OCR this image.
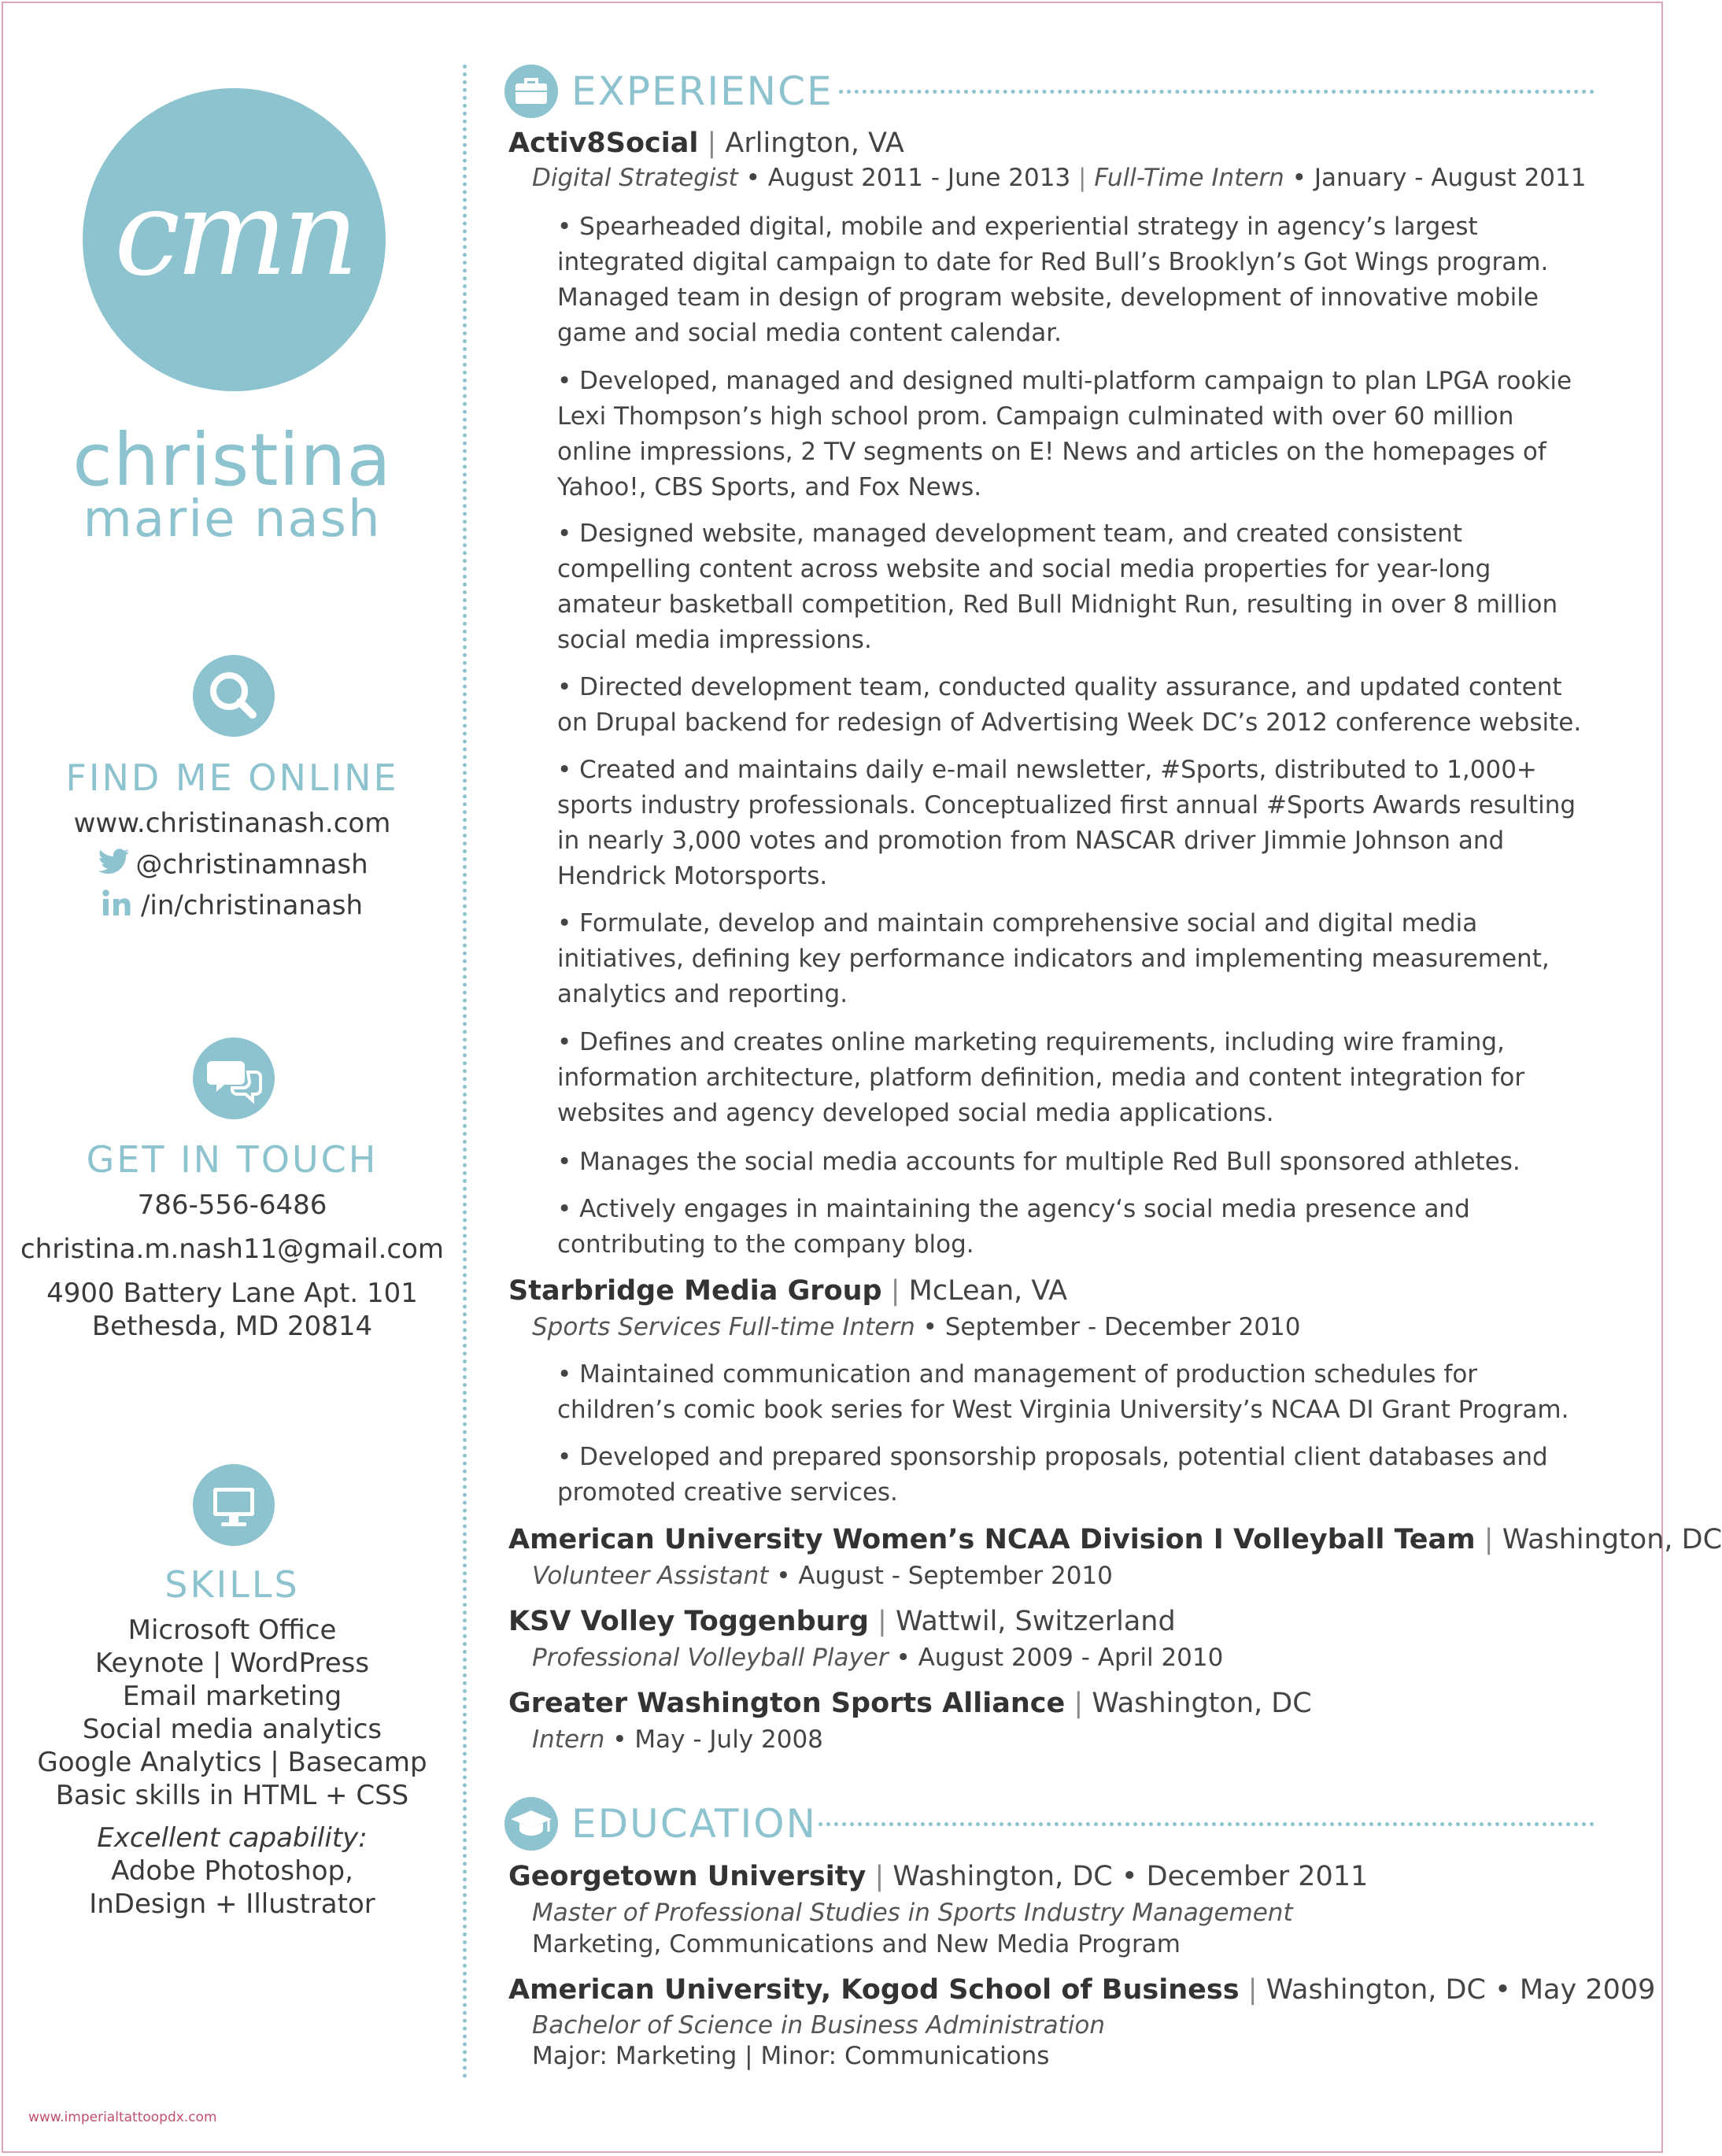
cmn
christina
marie nash
FIND ME ONLINE
www.christinanash.com
@christinamnash
/in/christinanash
GET IN TOUCH
786-556-6486
christina.m.nash11@gmail.com
4900 Battery Lane Apt. 101
Bethesda, MD 20814
SKILLS
Microsoft Office
Keynote | WordPress
Email marketing
Social media analytics
Google Analytics | Basecamp
Basic skills in HTML + CSS
Excellent capability:
Adobe Photoshop,
InDesign + Illustrator
EXPERIENCE
Activ8Social | Arlington, VA
Digital Strategist • August 2011 - June 2013 | Full-Time Intern • January - August 2011
• Spearheaded digital, mobile and experiential strategy in agency’s largest
integrated digital campaign to date for Red Bull’s Brooklyn’s Got Wings program.
Managed team in design of program website, development of innovative mobile
game and social media content calendar.
• Developed, managed and designed multi-platform campaign to plan LPGA rookie
Lexi Thompson’s high school prom. Campaign culminated with over 60 million
online impressions, 2 TV segments on E! News and articles on the homepages of
Yahoo!, CBS Sports, and Fox News.
• Designed website, managed development team, and created consistent
compelling content across website and social media properties for year-long
amateur basketball competition, Red Bull Midnight Run, resulting in over 8 million
social media impressions.
• Directed development team, conducted quality assurance, and updated content
on Drupal backend for redesign of Advertising Week DC’s 2012 conference website.
• Created and maintains daily e-mail newsletter, #Sports, distributed to 1,000+
sports industry professionals. Conceptualized first annual #Sports Awards resulting
in nearly 3,000 votes and promotion from NASCAR driver Jimmie Johnson and
Hendrick Motorsports.
• Formulate, develop and maintain comprehensive social and digital media
initiatives, defining key performance indicators and implementing measurement,
analytics and reporting.
• Defines and creates online marketing requirements, including wire framing,
information architecture, platform definition, media and content integration for
websites and agency developed social media applications.
• Manages the social media accounts for multiple Red Bull sponsored athletes.
• Actively engages in maintaining the agency‘s social media presence and
contributing to the company blog.
Starbridge Media Group | McLean, VA
Sports Services Full-time Intern • September - December 2010
• Maintained communication and management of production schedules for
children’s comic book series for West Virginia University’s NCAA DI Grant Program.
• Developed and prepared sponsorship proposals, potential client databases and
promoted creative services.
American University Women’s NCAA Division I Volleyball Team | Washington, DC
Volunteer Assistant • August - September 2010
KSV Volley Toggenburg | Wattwil, Switzerland
Professional Volleyball Player • August 2009 - April 2010
Greater Washington Sports Alliance | Washington, DC
Intern • May - July 2008
EDUCATION
Georgetown University | Washington, DC • December 2011
Master of Professional Studies in Sports Industry Management
Marketing, Communications and New Media Program
American University, Kogod School of Business | Washington, DC • May 2009
Bachelor of Science in Business Administration
Major: Marketing | Minor: Communications
www.imperialtattoopdx.com
